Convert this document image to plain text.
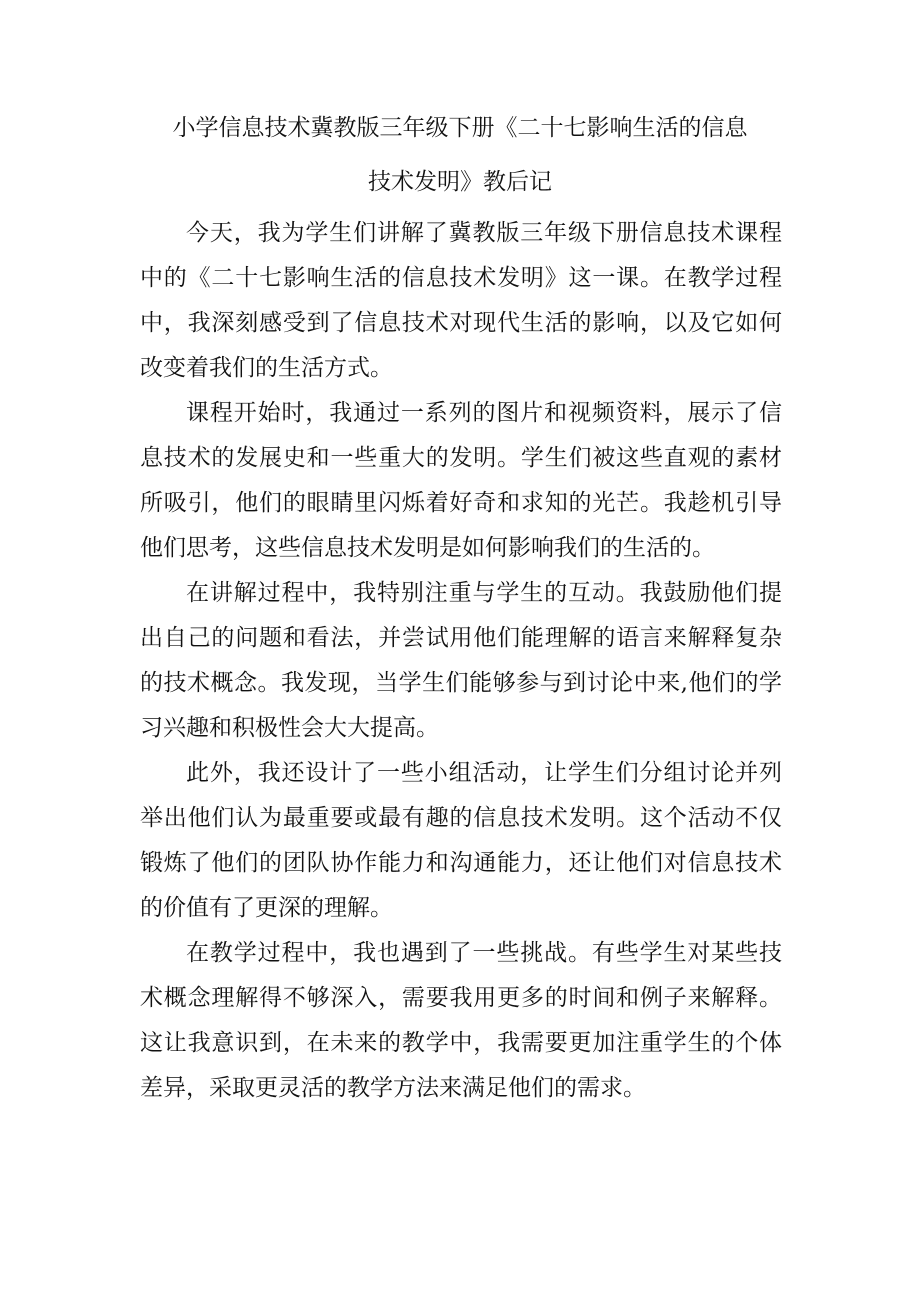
小学信息技术冀教版三年级下册《二十七影响生活的信息
技术发明》教后记

今天，我为学生们讲解了冀教版三年级下册信息技术课程中的《二十七影响生活的信息技术发明》这一课。在教学过程中，我深刻感受到了信息技术对现代生活的影响，以及它如何改变着我们的生活方式。

课程开始时，我通过一系列的图片和视频资料，展示了信息技术的发展史和一些重大的发明。学生们被这些直观的素材所吸引，他们的眼睛里闪烁着好奇和求知的光芒。我趁机引导他们思考，这些信息技术发明是如何影响我们的生活的。

在讲解过程中，我特别注重与学生的互动。我鼓励他们提出自己的问题和看法，并尝试用他们能理解的语言来解释复杂的技术概念。我发现，当学生们能够参与到讨论中来,他们的学习兴趣和积极性会大大提高。

此外，我还设计了一些小组活动，让学生们分组讨论并列举出他们认为最重要或最有趣的信息技术发明。这个活动不仅锻炼了他们的团队协作能力和沟通能力，还让他们对信息技术的价值有了更深的理解。

在教学过程中，我也遇到了一些挑战。有些学生对某些技术概念理解得不够深入，需要我用更多的时间和例子来解释。这让我意识到，在未来的教学中，我需要更加注重学生的个体差异，采取更灵活的教学方法来满足他们的需求。
